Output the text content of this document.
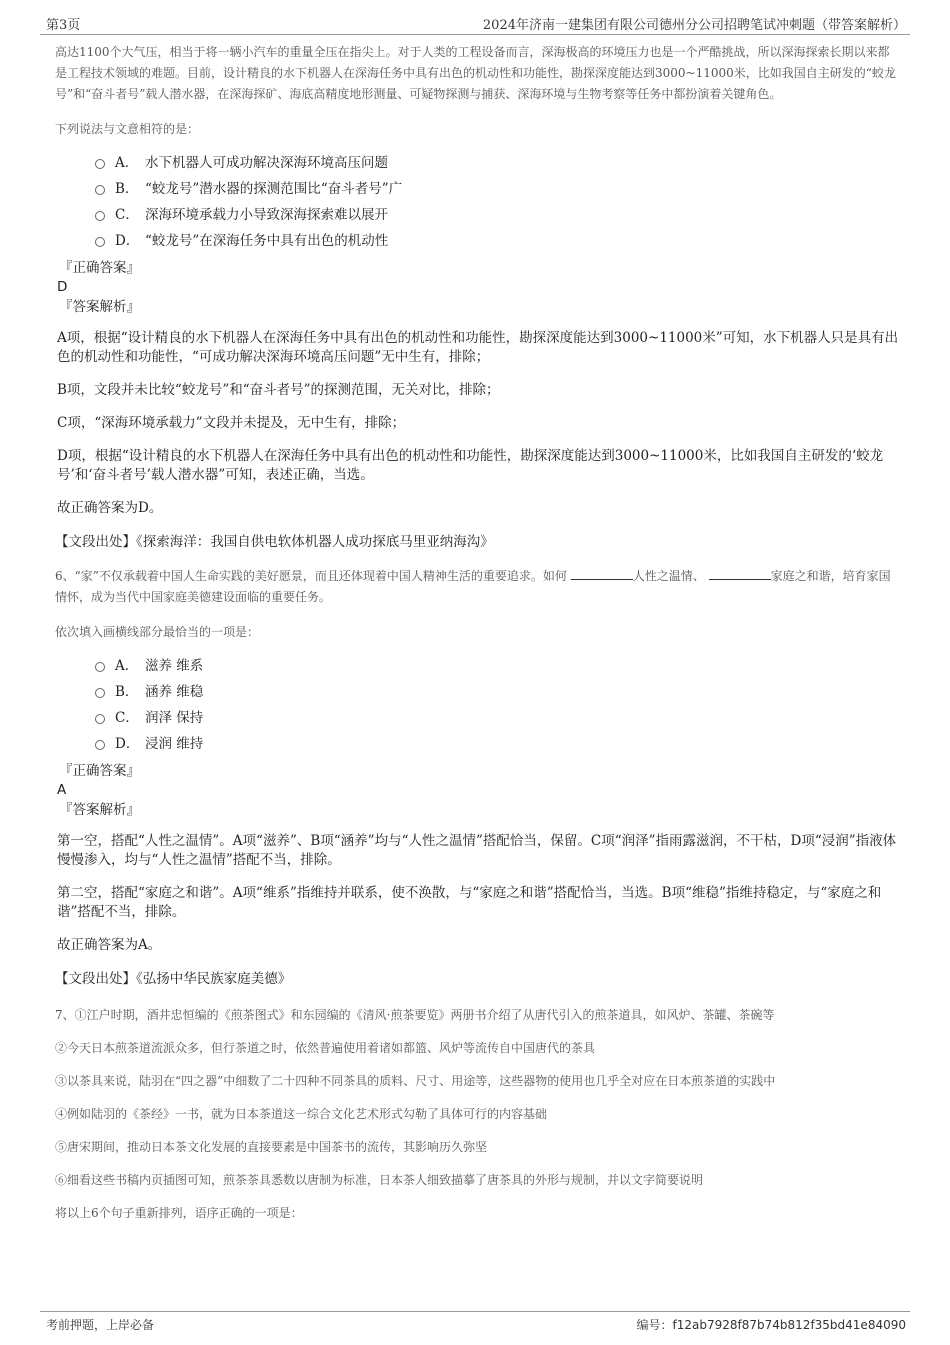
第3页	2024年济南一建集团有限公司德州分公司招聘笔试冲刺题（带答案解析）

高达1100个大气压，相当于将一辆小汽车的重量全压在指尖上。对于人类的工程设备而言，深海极高的环境压力也是一个严酷挑战，所以深海探索长期以来都是工程技术领域的难题。目前，设计精良的水下机器人在深海任务中具有出色的机动性和功能性，勘探深度能达到3000~11000米，比如我国自主研发的“蛟龙号”和“奋斗者号”载人潜水器，在深海探矿、海底高精度地形测量、可疑物探测与捕获、深海环境与生物考察等任务中都扮演着关键角色。

下列说法与文意相符的是：

A． 水下机器人可成功解决深海环境高压问题
B． “蛟龙号”潜水器的探测范围比“奋斗者号”广
C． 深海环境承载力小导致深海探索难以展开
D． “蛟龙号”在深海任务中具有出色的机动性
『正确答案』
D
『答案解析』

A项，根据“设计精良的水下机器人在深海任务中具有出色的机动性和功能性，勘探深度能达到3000~11000米”可知，水下机器人只是具有出色的机动性和功能性，“可成功解决深海环境高压问题”无中生有，排除；

B项，文段并未比较“蛟龙号”和“奋斗者号”的探测范围，无关对比，排除；

C项，“深海环境承载力”文段并未提及，无中生有，排除；

D项，根据“设计精良的水下机器人在深海任务中具有出色的机动性和功能性，勘探深度能达到3000~11000米，比如我国自主研发的‘蛟龙号’和‘奋斗者号’载人潜水器”可知，表述正确，当选。

故正确答案为D。

【文段出处】《探索海洋：我国自供电软体机器人成功探底马里亚纳海沟》

6、“家”不仅承载着中国人生命实践的美好愿景，而且还体现着中国人精神生活的重要追求。如何	人性之温情、	家庭之和谐，培育家国情怀，成为当代中国家庭美德建设面临的重要任务。

依次填入画横线部分最恰当的一项是：

A． 滋养 维系
B． 涵养 维稳
C． 润泽 保持
D． 浸润 维持
『正确答案』
A
『答案解析』

第一空，搭配“人性之温情”。A项“滋养”、B项“涵养”均与“人性之温情”搭配恰当，保留。C项“润泽”指雨露滋润，不干枯，D项“浸润”指液体慢慢渗入，均与“人性之温情”搭配不当，排除。

第二空，搭配“家庭之和谐”。A项“维系”指维持并联系，使不涣散，与“家庭之和谐”搭配恰当，当选。B项“维稳”指维持稳定，与“家庭之和谐”搭配不当，排除。

故正确答案为A。

【文段出处】《弘扬中华民族家庭美德》

7、①江户时期，酒井忠恒编的《煎茶图式》和东园编的《清风·煎茶要览》两册书介绍了从唐代引入的煎茶道具，如风炉、茶罐、茶碗等

②今天日本煎茶道流派众多，但行茶道之时，依然普遍使用着诸如都篮、风炉等流传自中国唐代的茶具

③以茶具来说，陆羽在“四之器”中细数了二十四种不同茶具的质料、尺寸、用途等，这些器物的使用也几乎全对应在日本煎茶道的实践中

④例如陆羽的《茶经》一书，就为日本茶道这一综合文化艺术形式勾勒了具体可行的内容基础

⑤唐宋期间，推动日本茶文化发展的直接要素是中国茶书的流传，其影响历久弥坚

⑥细看这些书稿内页插图可知，煎茶茶具悉数以唐制为标准，日本茶人细致描摹了唐茶具的外形与规制，并以文字简要说明

将以上6个句子重新排列，语序正确的一项是：

考前押题，上岸必备	编号：f12ab7928f87b74b812f35bd41e84090
